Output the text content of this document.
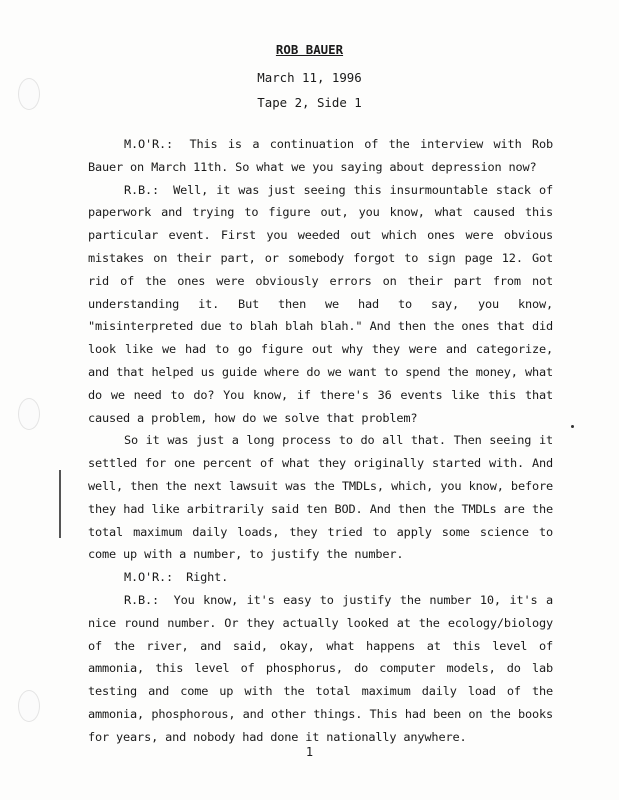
ROB BAUER
March 11, 1996
Tape 2, Side 1

M.O'R.: This is a continuation of the interview with Rob Bauer on March 11th. So what we you saying about depression now?

R.B.: Well, it was just seeing this insurmountable stack of paperwork and trying to figure out, you know, what caused this particular event. First you weeded out which ones were obvious mistakes on their part, or somebody forgot to sign page 12. Got rid of the ones were obviously errors on their part from not understanding it. But then we had to say, you know, "misinterpreted due to blah blah blah." And then the ones that did look like we had to go figure out why they were and categorize, and that helped us guide where do we want to spend the money, what do we need to do? You know, if there's 36 events like this that caused a problem, how do we solve that problem?

So it was just a long process to do all that. Then seeing it settled for one percent of what they originally started with. And well, then the next lawsuit was the TMDLs, which, you know, before they had like arbitrarily said ten BOD. And then the TMDLs are the total maximum daily loads, they tried to apply some science to come up with a number, to justify the number.

M.O'R.: Right.

R.B.: You know, it's easy to justify the number 10, it's a nice round number. Or they actually looked at the ecology/biology of the river, and said, okay, what happens at this level of ammonia, this level of phosphorus, do computer models, do lab testing and come up with the total maximum daily load of the ammonia, phosphorous, and other things. This had been on the books for years, and nobody had done it nationally anywhere.

1
